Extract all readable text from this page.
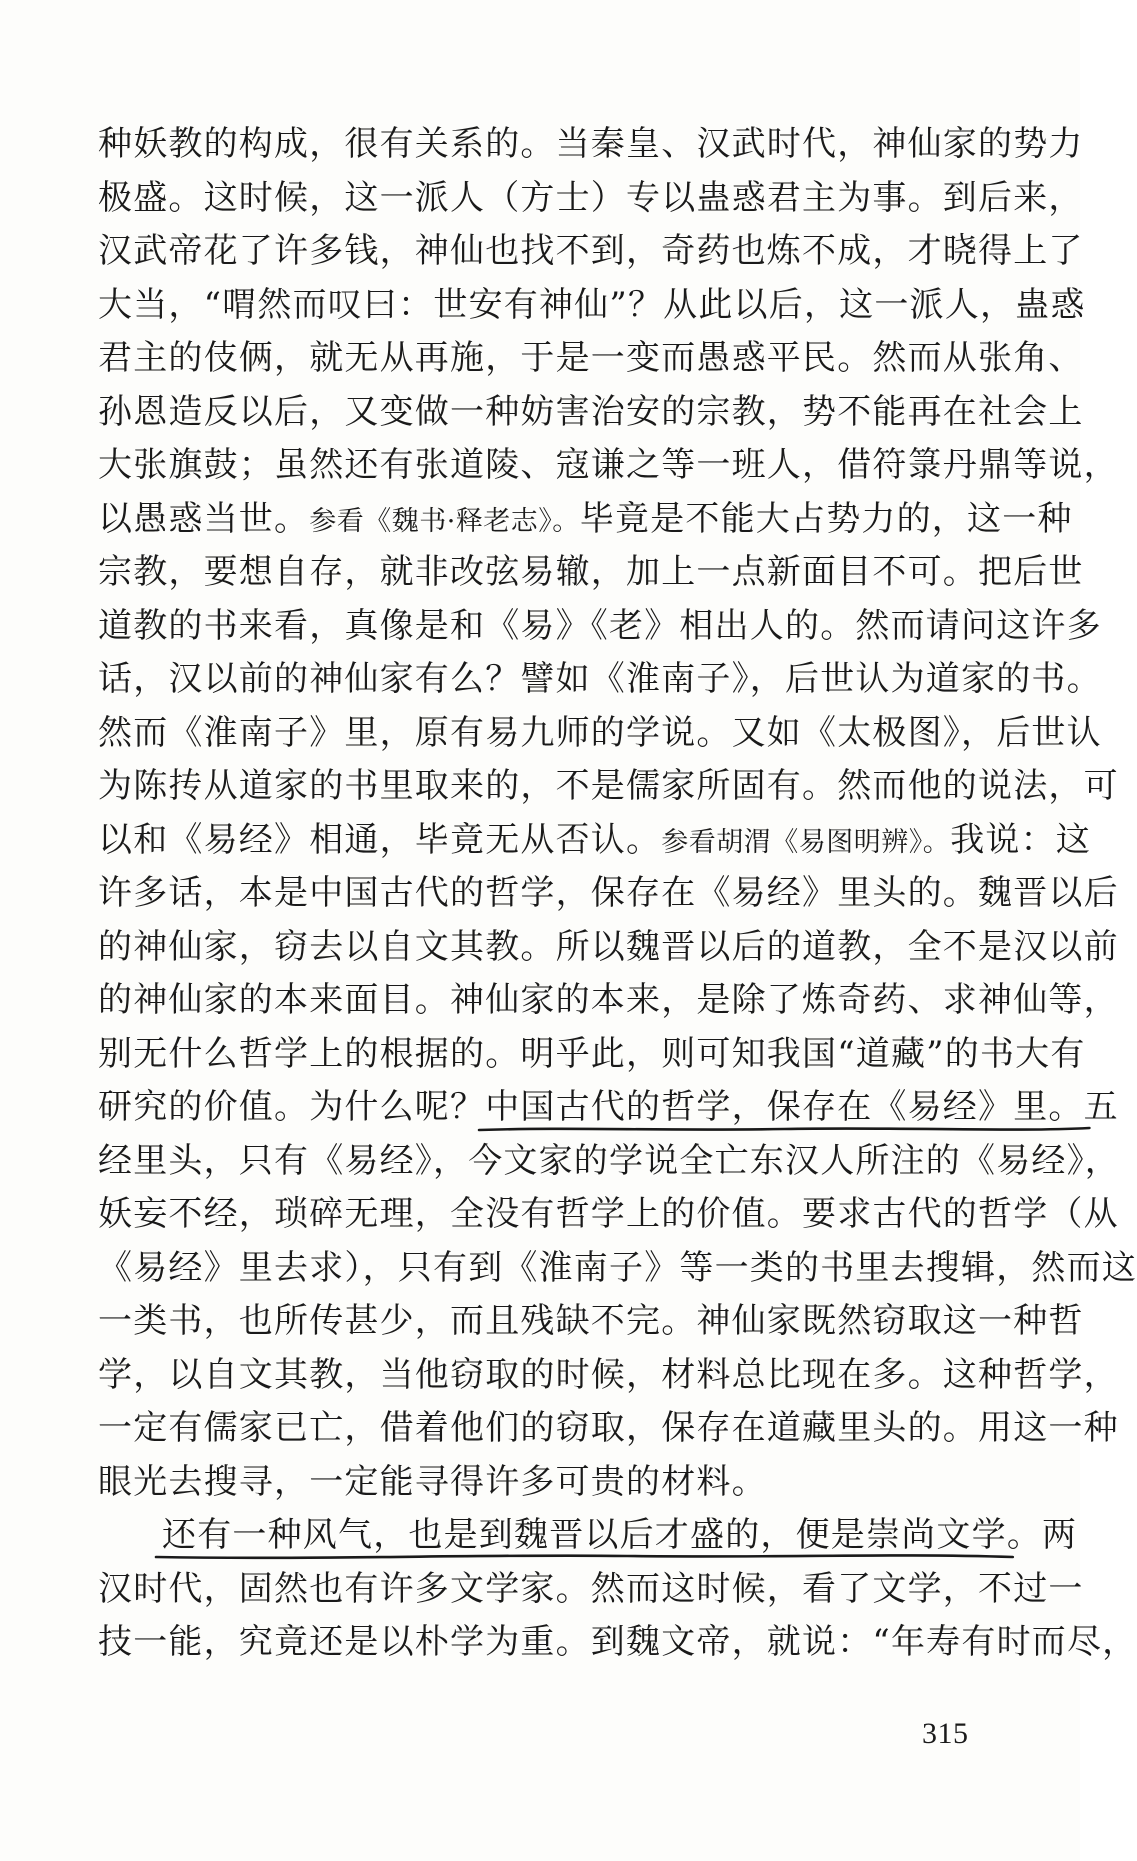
种妖教的构成，很有关系的。当秦皇、汉武时代，神仙家的势力
极盛。这时候，这一派人（方士）专以蛊惑君主为事。到后来，
汉武帝花了许多钱，神仙也找不到，奇药也炼不成，才晓得上了
大当，“喟然而叹曰：世安有神仙”？从此以后，这一派人，蛊惑
君主的伎俩，就无从再施，于是一变而愚惑平民。然而从张角、
孙恩造反以后，又变做一种妨害治安的宗教，势不能再在社会上
大张旗鼓；虽然还有张道陵、寇谦之等一班人，借符箓丹鼎等说，
以愚惑当世。参看《魏书·释老志》。毕竟是不能大占势力的，这一种
宗教，要想自存，就非改弦易辙，加上一点新面目不可。把后世
道教的书来看，真像是和《易》《老》相出人的。然而请问这许多
话，汉以前的神仙家有么？譬如《淮南子》，后世认为道家的书。
然而《淮南子》里，原有易九师的学说。又如《太极图》，后世认
为陈抟从道家的书里取来的，不是儒家所固有。然而他的说法，可
以和《易经》相通，毕竟无从否认。参看胡渭《易图明辨》。我说：这
许多话，本是中国古代的哲学，保存在《易经》里头的。魏晋以后
的神仙家，窃去以自文其教。所以魏晋以后的道教，全不是汉以前
的神仙家的本来面目。神仙家的本来，是除了炼奇药、求神仙等，
别无什么哲学上的根据的。明乎此，则可知我国“道藏”的书大有
研究的价值。为什么呢？中国古代的哲学，保存在《易经》里。
五
经里头，只有《易经》，今文家的学说全亡东汉人所注的《易经》，
妖妄不经，琐碎无理，全没有哲学上的价值。要求古代的哲学（从
《易经》里去求），只有到《淮南子》等一类的书里去搜辑，然而这
一类书，也所传甚少，而且残缺不完。神仙家既然窃取这一种哲
学，以自文其教，当他窃取的时候，材料总比现在多。这种哲学，
一定有儒家已亡，借着他们的窃取，保存在道藏里头的。用这一种
眼光去搜寻，一定能寻得许多可贵的材料。
还有一种风气，也是到魏晋以后才盛的，便是崇尚文学
。两
汉时代，固然也有许多文学家。然而这时候，看了文学，不过一
技一能，究竟还是以朴学为重。到魏文帝，就说：“年寿有时而尽，
315
